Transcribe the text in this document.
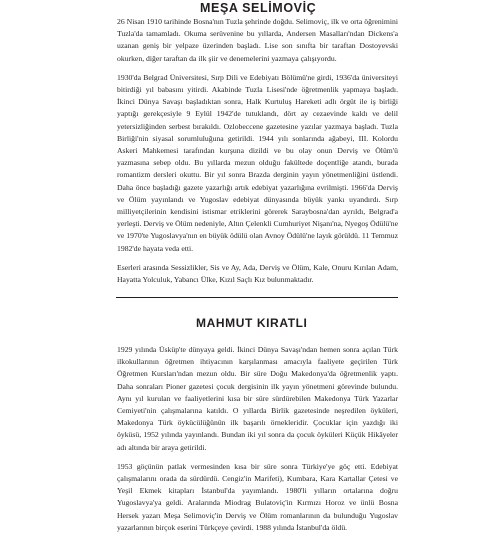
MEŞA SELİMOVİÇ

26 Nisan 1910 tarihinde Bosna'nın Tuzla şehrinde doğdu. Selimoviç, ilk ve orta öğrenimini Tuzla'da tamamladı. Okuma serüvenine bu yıllarda, Andersen Masalları'ndan Dickens'a uzanan geniş bir yelpaze üzerinden başladı. Lise son sınıfta bir taraftan Dostoyevski okurken, diğer taraftan da ilk şiir ve denemelerini yazmaya çalışıyordu.

1930'da Belgrad Üniversitesi, Sırp Dili ve Edebiyatı Bölümü'ne girdi, 1936'da üniversiteyi bitirdiği yıl babasını yitirdi. Akabinde Tuzla Lisesi'nde öğretmenlik yapmaya başladı. İkinci Dünya Savaşı başladıktan sonra, Halk Kurtuluş Hareketi adlı örgüt ile iş birliği yaptığı gerekçesiyle 9 Eylül 1942'de tutuklandı, dört ay cezaevinde kaldı ve delil yetersizliğinden serbest bırakıldı. Ozlobeccene gazetesine yazılar yazmaya başladı. Tuzla Birliği'nin siyasal sorumluluğuna getirildi. 1944 yılı sonlarında ağabeyi, III. Kolordu Askeri Mahkemesi tarafından kurşuna dizildi ve bu olay onun Derviş ve Ölüm'ü yazmasına sebep oldu. Bu yıllarda mezun olduğu fakültede doçentliğe atandı, burada romantizm dersleri okuttu. Bir yıl sonra Brazda derginin yayın yönetmenliğini üstlendi. Daha önce başladığı gazete yazarlığı artık edebiyat yazarlığına evrilmişti. 1966'da Derviş ve Ölüm yayınlandı ve Yugoslav edebiyat dünyasında büyük yankı uyandırdı. Sırp milliyetçilerinin kendisini istismar etriklerini görerek Saraybosna'dan ayrıldı, Belgrad'a yerleşti. Derviş ve Ölüm nedeniyle, Altın Çelenkli Cumhuriyet Nişanı'na, Nyegoş Ödülü'ne ve 1970'te Yugoslavya'nın en büyük ödülü olan Avnoy Ödülü'ne layık görüldü. 11 Temmuz 1982'de hayata veda etti.

Eserleri arasında Sessizlikler, Sis ve Ay, Ada, Derviş ve Ölüm, Kale, Onuru Kırılan Adam, Hayatta Yolculuk, Yabancı Ülke, Kızıl Saçlı Kız bulunmaktadır.

MAHMUT KIRATLI

1929 yılında Üsküp'te dünyaya geldi. İkinci Dünya Savaşı'ndan hemen sonra açılan Türk ilkokullarının öğretmen ihtiyacının karşılanması amacıyla faaliyete geçirilen Türk Öğretmen Kursları'ndan mezun oldu. Bir süre Doğu Makedonya'da öğretmenlik yaptı. Daha sonraları Pioner gazetesi çocuk dergisinin ilk yayın yönetmeni görevinde bulundu. Aynı yıl kurulan ve faaliyetlerini kısa bir süre sürdürebilen Makedonya Türk Yazarlar Cemiyeti'nin çalışmalarına katıldı. O yıllarda Birlik gazetesinde neşredilen öyküleri, Makedonya Türk öykücülüğünün ilk başarılı örnekleridir. Çocuklar için yazdığı iki öyküsü, 1952 yılında yayınlandı. Bundan iki yıl sonra da çocuk öyküleri Küçük Hikâyeler adı altında bir araya getirildi.

1953 göçünün patlak vermesinden kısa bir süre sonra Türkiye'ye göç etti. Edebiyat çalışmalarını orada da sürdürdü. Cengiz'in Marifeti), Kumbara, Kara Kartallar Çetesi ve Yeşil Ekmek kitapları İstanbul'da yayımlandı. 1980'li yılların ortalarına doğru Yugoslavya'ya geldi. Aralarında Miodrag Bulatoviç'in Kırmızı Horoz ve ünlü Bosna Hersek yazarı Meşa Selimoviç'in Derviş ve Ölüm romanlarının da bulunduğu Yugoslav yazarlarının birçok eserini Türkçeye çevirdi. 1988 yılında İstanbul'da öldü.
